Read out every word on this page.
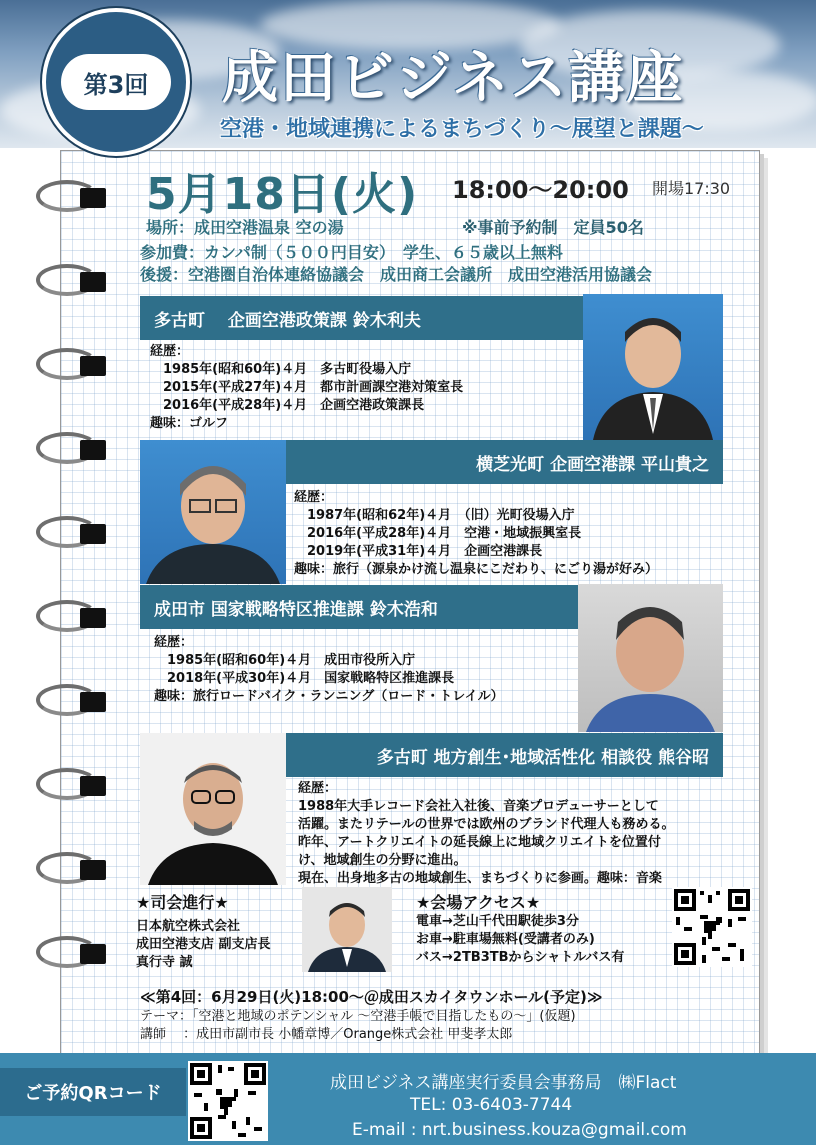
第3回	成田ビジネス講座
空港・地域連携によるまちづくり～展望と課題～
5月18日(火) 18:00～20:00 開場17:30
場所：成田空港温泉 空の湯	※事前予約制　定員50名
参加費：カンパ制（５００円目安）　学生、６５歳以上無料
後援：空港圏自治体連絡協議会　成田商工会議所　成田空港活用協議会
多古町　 企画空港政策課 鈴木利夫
経歴：
　1985年(昭和60年)４月　多古町役場入庁
　2015年(平成27年)４月　都市計画課空港対策室長
　2016年(平成28年)４月　企画空港政策課長
趣味：ゴルフ
横芝光町 企画空港課 平山貴之
経歴：
　1987年(昭和62年)４月　（旧）光町役場入庁
　2016年(平成28年)４月　空港・地域振興室長
　2019年(平成31年)４月　企画空港課長
趣味：旅行（源泉かけ流し温泉にこだわり、にごり湯が好み）
成田市 国家戦略特区推進課 鈴木浩和
経歴：
　1985年(昭和60年)４月　成田市役所入庁
　2018年(平成30年)４月　国家戦略特区推進課長
趣味：旅行ロードバイク・ランニング（ロード・トレイル）
多古町 地方創生･地域活性化 相談役 熊谷昭
経歴：
1988年大手レコード会社入社後、音楽プロデューサーとして
活躍。またリテールの世界では欧州のブランド代理人も務める。
昨年、アートクリエイトの延長線上に地域クリエイトを位置付
け、地域創生の分野に進出。
現在、出身地多古の地域創生、まちづくりに参画。趣味：音楽
★司会進行★
日本航空株式会社
成田空港支店 副支店長
真行寺 誠
★会場アクセス★
電車→芝山千代田駅徒歩3分
お車→駐車場無料(受講者のみ)
バス→2TB3TBからシャトルバス有
≪第4回：6月29日(火)18:00～＠成田スカイタウンホール(予定)≫
テーマ：「空港と地域のポテンシャル ～空港手帳で目指したもの～」(仮題)
講師　 ：成田市副市長 小幡章博／Orange株式会社 甲斐孝太郎
ご予約QRコード	成田ビジネス講座実行委員会事務局　㈱Flact
TEL: 03-6403-7744
E-mail : nrt.business.kouza@gmail.com
